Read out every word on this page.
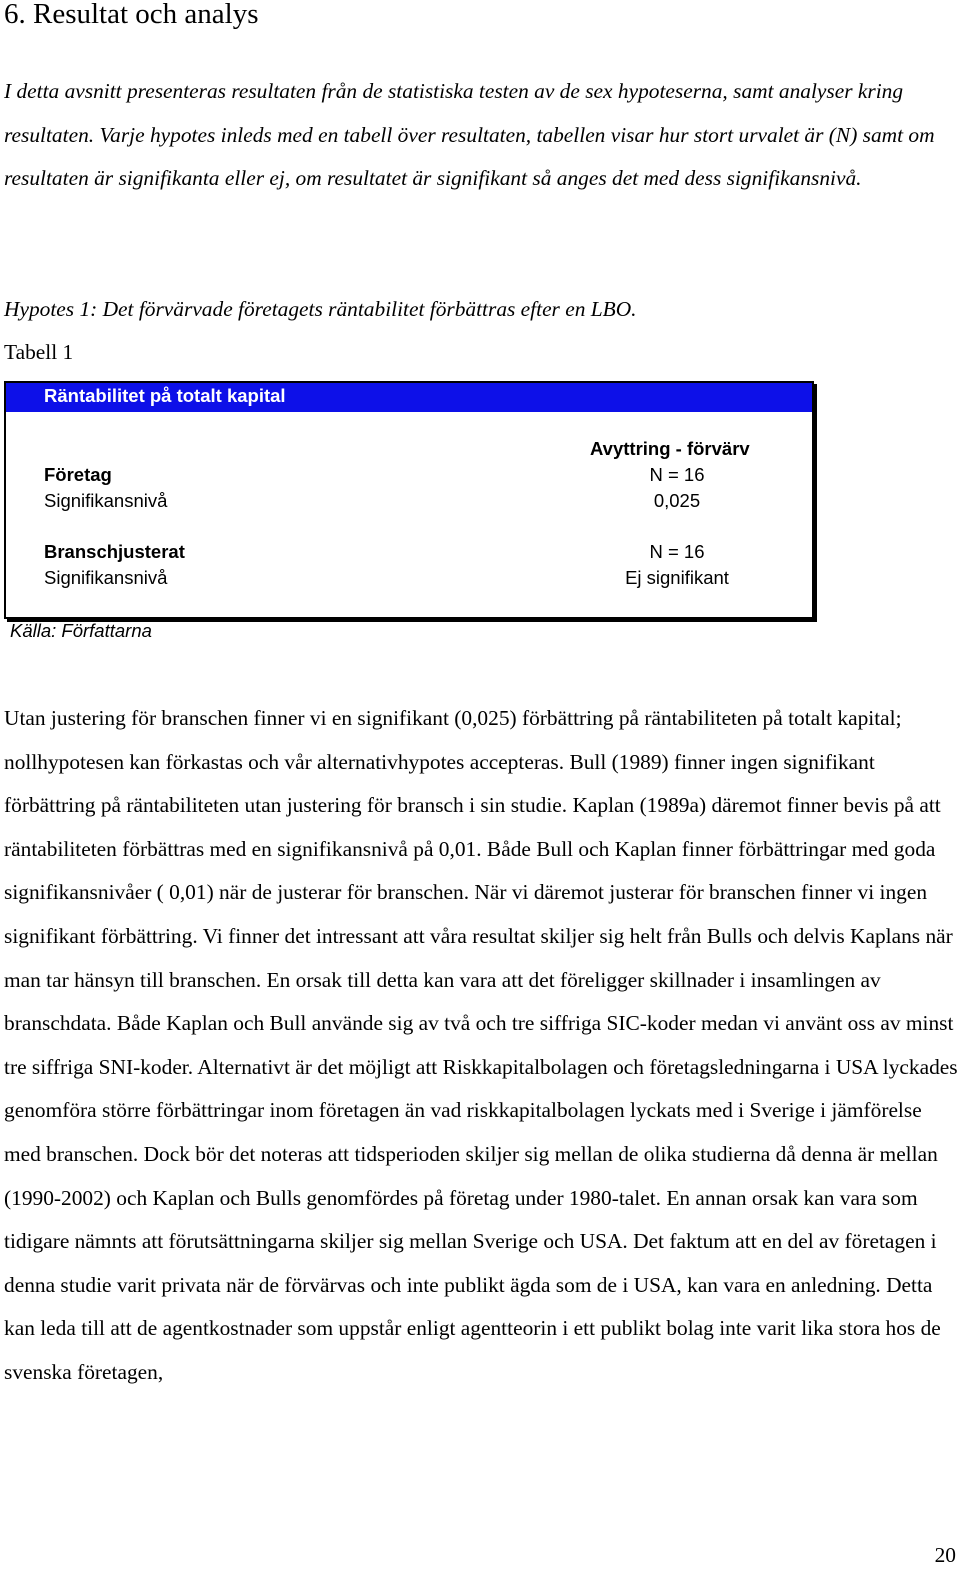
6. Resultat och analys
I detta avsnitt presenteras resultaten från de statistiska testen av de sex hypoteserna, samt analyser kring resultaten. Varje hypotes inleds med en tabell över resultaten, tabellen visar hur stort urvalet är (N) samt om resultaten är signifikanta eller ej, om resultatet är signifikant så anges det med dess signifikansnivå.
Hypotes 1: Det förvärvade företagets räntabilitet förbättras efter en LBO.
Tabell 1
Räntabilitet på totalt kapital
Avyttring - förvärv
Företag	N = 16
Signifikansnivå	0,025
Branschjusterat	N = 16
Signifikansnivå	Ej signifikant
Källa: Författarna
Utan justering för branschen finner vi en signifikant (0,025) förbättring på räntabiliteten på totalt kapital; nollhypotesen kan förkastas och vår alternativhypotes accepteras. Bull (1989) finner ingen signifikant förbättring på räntabiliteten utan justering för bransch i sin studie. Kaplan (1989a) däremot finner bevis på att räntabiliteten förbättras med en signifikansnivå på 0,01. Både Bull och Kaplan finner förbättringar med goda signifikansnivåer ( 0,01) när de justerar för branschen. När vi däremot justerar för branschen finner vi ingen signifikant förbättring. Vi finner det intressant att våra resultat skiljer sig helt från Bulls och delvis Kaplans när man tar hänsyn till branschen. En orsak till detta kan vara att det föreligger skillnader i insamlingen av branschdata. Både Kaplan och Bull använde sig av två och tre siffriga SIC-koder medan vi använt oss av minst tre siffriga SNI-koder. Alternativt är det möjligt att Riskkapitalbolagen och företagsledningarna i USA lyckades genomföra större förbättringar inom företagen än vad riskkapitalbolagen lyckats med i Sverige i jämförelse med branschen. Dock bör det noteras att tidsperioden skiljer sig mellan de olika studierna då denna är mellan (1990-2002) och Kaplan och Bulls genomfördes på företag under 1980-talet. En annan orsak kan vara som tidigare nämnts att förutsättningarna skiljer sig mellan Sverige och USA. Det faktum att en del av företagen i denna studie varit privata när de förvärvas och inte publikt ägda som de i USA, kan vara en anledning. Detta kan leda till att de agentkostnader som uppstår enligt agentteorin i ett publikt bolag inte varit lika stora hos de svenska företagen,
20
